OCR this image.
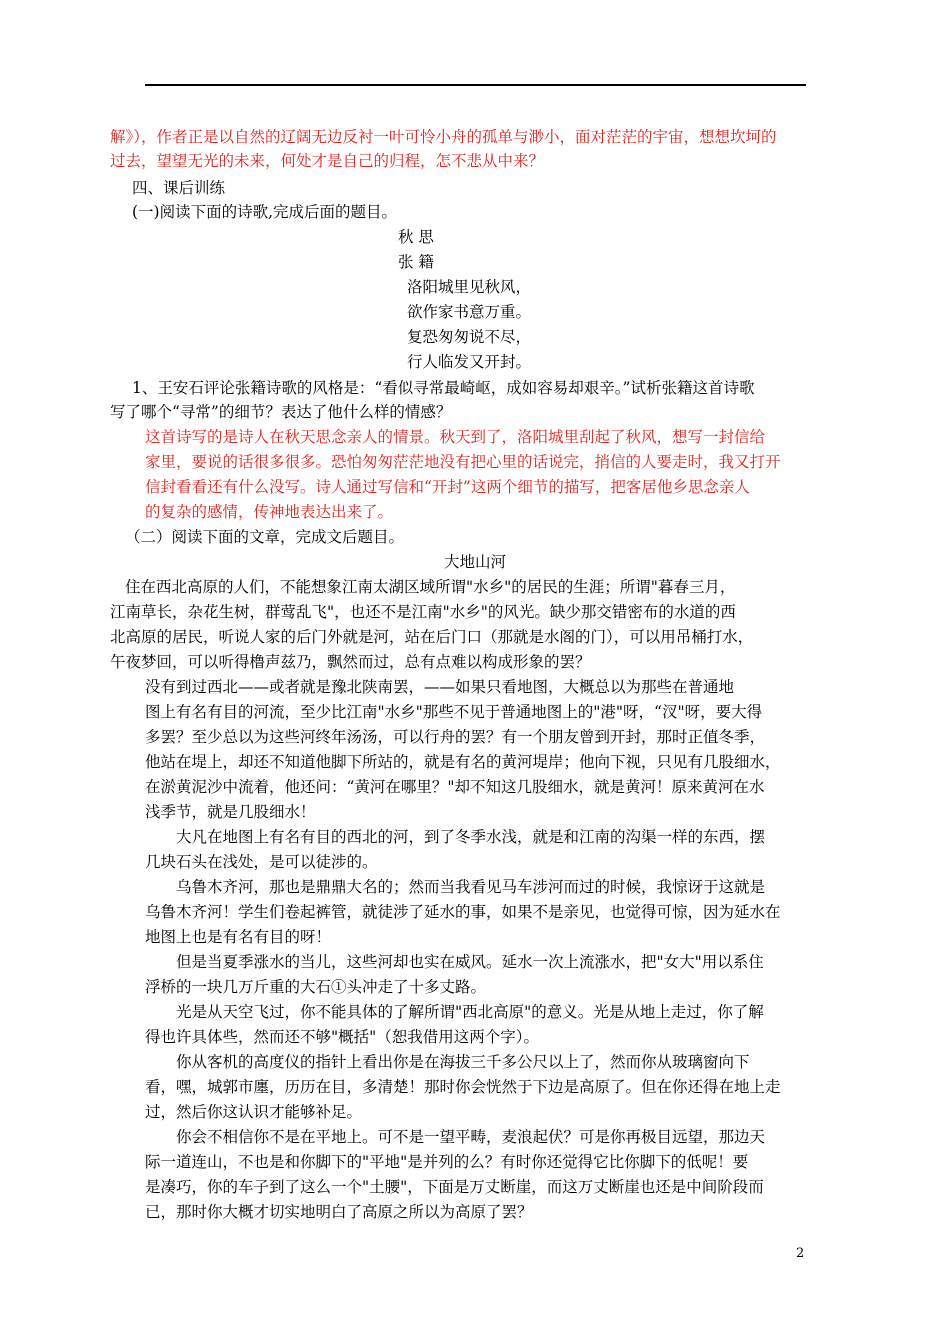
解》），作者正是以自然的辽阔无边反衬一叶可怜小舟的孤单与渺小，面对茫茫的宇宙，想想坎坷的
过去，望望无光的未来，何处才是自己的归程，怎不悲从中来？
四、课后训练
(一)阅读下面的诗歌,完成后面的题目。
秋 思
张 籍
洛阳城里见秋风，
欲作家书意万重。
复恐匆匆说不尽，
行人临发又开封。
1、王安石评论张籍诗歌的风格是：“看似寻常最崎岖，成如容易却艰辛。”试析张籍这首诗歌
写了哪个“寻常”的细节？表达了他什么样的情感？
这首诗写的是诗人在秋天思念亲人的情景。秋天到了，洛阳城里刮起了秋风，想写一封信给
家里，要说的话很多很多。恐怕匆匆茫茫地没有把心里的话说完，捎信的人要走时，我又打开
信封看看还有什么没写。诗人通过写信和“开封”这两个细节的描写，把客居他乡思念亲人
的复杂的感情，传神地表达出来了。
（二）阅读下面的文章，完成文后题目。
大地山河
住在西北高原的人们，不能想象江南太湖区域所谓"水乡"的居民的生涯；所谓"暮春三月，
江南草长，杂花生树，群莺乱飞"，也还不是江南"水乡"的风光。缺少那交错密布的水道的西
北高原的居民，听说人家的后门外就是河，站在后门口（那就是水阁的门），可以用吊桶打水，
午夜梦回，可以听得橹声兹乃，飘然而过，总有点难以构成形象的罢？
没有到过西北——或者就是豫北陕南罢，——如果只看地图，大概总以为那些在普通地
图上有名有目的河流，至少比江南"水乡"那些不见于普通地图上的"港"呀，“汊"呀，要大得
多罢？至少总以为这些河终年汤汤，可以行舟的罢？有一个朋友曾到开封，那时正值冬季，
他站在堤上，却还不知道他脚下所站的，就是有名的黄河堤岸；他向下视，只见有几股细水，
在淤黄泥沙中流着，他还问：“黄河在哪里？"却不知这几股细水，就是黄河！原来黄河在水
浅季节，就是几股细水！
大凡在地图上有名有目的西北的河，到了冬季水浅，就是和江南的沟渠一样的东西，摆
几块石头在浅处，是可以徒涉的。
乌鲁木齐河，那也是鼎鼎大名的；然而当我看见马车涉河而过的时候，我惊讶于这就是
乌鲁木齐河！学生们卷起裤管，就徒涉了延水的事，如果不是亲见，也觉得可惊，因为延水在
地图上也是有名有目的呀！
但是当夏季涨水的当儿，这些河却也实在威风。延水一次上流涨水，把"女大"用以系住
浮桥的一块几万斤重的大石①头冲走了十多丈路。
光是从天空飞过，你不能具体的了解所谓"西北高原"的意义。光是从地上走过，你了解
得也许具体些，然而还不够"概括"（恕我借用这两个字）。
你从客机的高度仪的指针上看出你是在海拔三千多公尺以上了，然而你从玻璃窗向下
看，嘿，城郭市廛，历历在目，多清楚！那时你会恍然于下边是高原了。但在你还得在地上走
过，然后你这认识才能够补足。
你会不相信你不是在平地上。可不是一望平畴，麦浪起伏？可是你再极目远望，那边天
际一道连山，不也是和你脚下的"平地"是并列的么？有时你还觉得它比你脚下的低呢！要
是凑巧，你的车子到了这么一个"土腰"，下面是万丈断崖，而这万丈断崖也还是中间阶段而
已，那时你大概才切实地明白了高原之所以为高原了罢？
2
